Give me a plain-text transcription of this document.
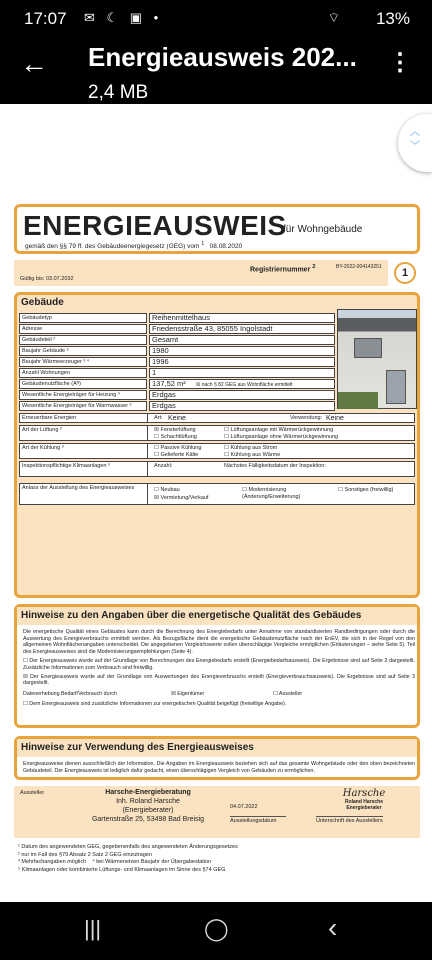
17:07 ✉ ☾ ▣ •	⌔ 13%
← Energieausweis 202...
2,4 MB
⋮
︿
﹀
ENERGIEAUSWEIS
für Wohngebäude
gemäß den §§ 79 ff. des Gebäudeenergiegesetz (GEG) vom $^1$ 08.08.2020
Registriernummer $^2$	BY-2022-004143251
Gültig bis: 03.07.2032	1
Gebäude
Gebäudetyp	Reihenmittelhaus
Adresse	Friedensstraße 43, 85055 Ingolstadt
Gebäudeteil ²	Gesamt
Baujahr Gebäude ³	1980
Baujahr Wärmeerzeuger ³ ⁴	1996
Anzahl Wohnungen	1
Gebäudenutzfläche (Aᴺ)	137,52 m² ☒ nach § 82 GEG aus Wohnfläche ermittelt
Wesentliche Energieträger für Heizung ³	Erdgas
Wesentliche Energieträger für Warmwasser ³	Erdgas
Erneuerbare Energien	Art: Keine	Verwendung: Keine
Art der Lüftung ³	☒ Fensterlüftung
☐ Schachtlüftung
☐ Lüftungsanlage mit Wärmerückgewinnung
☐ Lüftungsanlage ohne Wärmerückgewinnung
Art der Kühlung ³	☐ Passive Kühlung
☐ Gelieferte Kälte
☐ Kühlung aus Strom
☐ Kühlung aus Wärme
Inspektionspflichtige Klimaanlagen ⁵	Anzahl:	Nächstes Fälligkeitsdatum der Inspektion:
Anlass der Ausstellung des Energieausweises	☐ Neubau
☒ Vermietung/Verkauf
☐ Modernisierung (Änderung/Erweiterung)
☐ Sonstiges (freiwillig)
Hinweise zu den Angaben über die energetische Qualität des Gebäudes
Die energetische Qualität eines Gebäudes kann durch die Berechnung des Energiebedarfs unter Annahme von standardisierten Randbedingungen oder durch die Auswertung des Energieverbrauchs ermittelt werden. Als Bezugsfläche dient die energetische Gebäudenutzfläche nach der EnEV, die sich in der Regel von den allgemeinen Wohnflächenangaben unterscheidet. Die angegebenen Vergleichswerte sollen überschlägige Vergleiche ermöglichen (Erläuterungen – siehe Seite 5). Teil des Energieausweises sind die Modernisierungsempfehlungen (Seite 4).
☐ Der Energieausweis wurde auf der Grundlage von Berechnungen des Energiebedarfs erstellt (Energiebedarfsausweis). Die Ergebnisse sind auf Seite 2 dargestellt. Zusätzliche Informationen zum Verbrauch sind freiwillig.
☒ Der Energieausweis wurde auf der Grundlage von Auswertungen des Energieverbrauchs erstellt (Energieverbrauchsausweis). Die Ergebnisse sind auf Seite 3 dargestellt.
Datenerhebung Bedarf/Verbrauch durch	☒ Eigentümer	☐ Aussteller
☐ Dem Energieausweis sind zusätzliche Informationen zur energetischen Qualität beigefügt (freiwillige Angabe).
Hinweise zur Verwendung des Energieausweises
Energieausweise dienen ausschließlich der Information. Die Angaben im Energieausweis beziehen sich auf das gesamte Wohngebäude oder den oben bezeichneten Gebäudeteil. Der Energieausweis ist lediglich dafür gedacht, einen überschlägigen Vergleich von Gebäuden zu ermöglichen.
Aussteller	Harsche-Energieberatung
Inh. Roland Harsche
(Energieberater)
Gartenstraße 25, 53498 Bad Breisig
04.07.2022
Ausstellungsdatum
Harsche
Roland Harsche
Energieberater
Unterschrift des Ausstellers
¹ Datum des angewendeten GEG, gegebenenfalls des angewendeten Änderungsgesetzes
² nur im Fall des §79 Absatz 2 Satz 2 GEG einzutragen
³ Mehrfachangaben möglich ⁴ bei Wärmenetzen Baujahr der Übergabestation
⁵ Klimaanlagen oder kombinierte Lüftungs- und Klimaanlagen im Sinne des §74 GEG
|||	◯	‹
